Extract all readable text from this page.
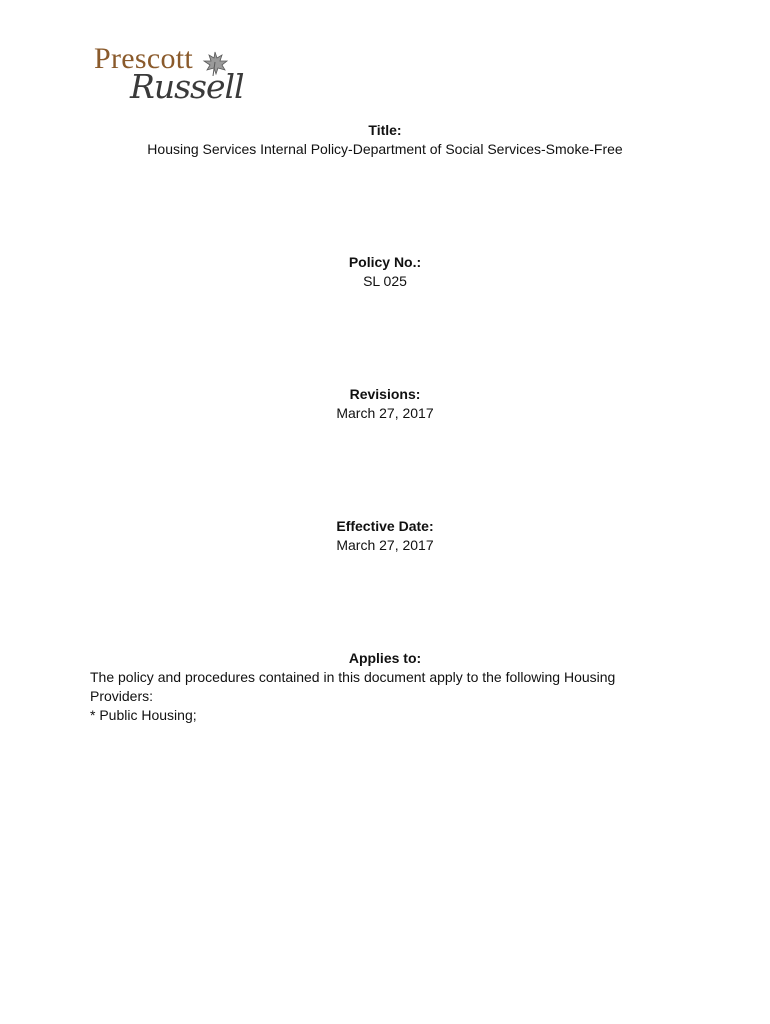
Prescott
Russell
Title:
Housing Services Internal Policy-Department of Social Services-Smoke-Free
Policy No.:
SL 025
Revisions:
March 27, 2017
Effective Date:
March 27, 2017
Applies to:
The policy and procedures contained in this document apply to the following Housing
Providers:
* Public Housing;
